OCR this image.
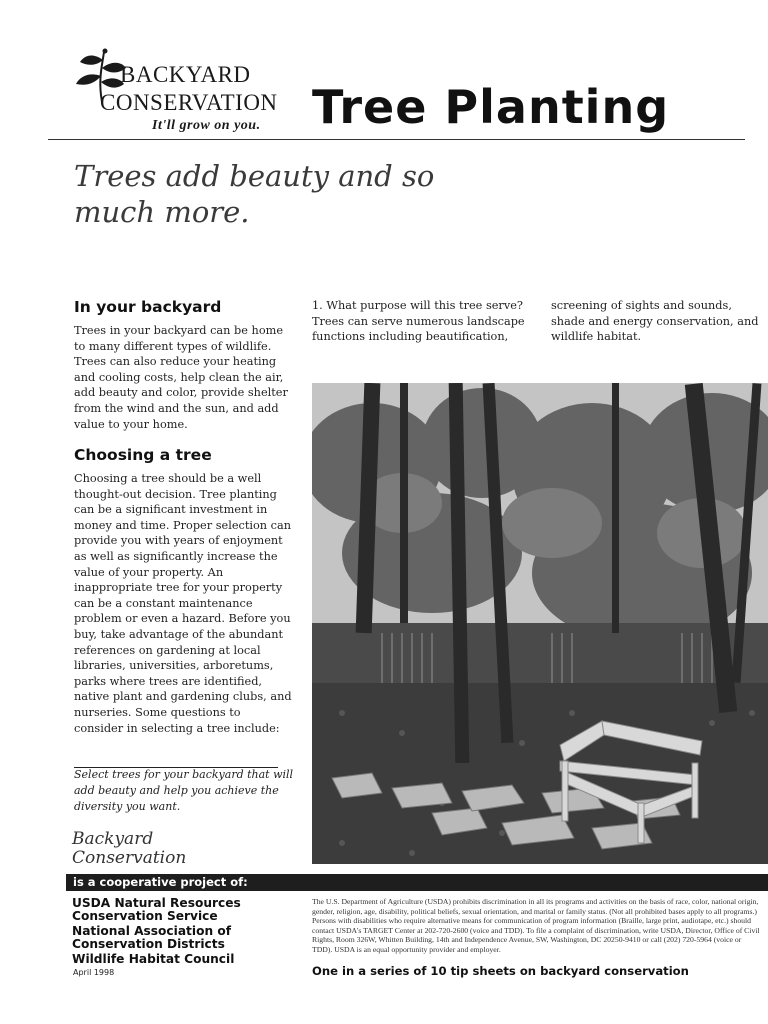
BACKYARD
CONSERVATION
It'll grow on you. Tree Planting
Trees add beauty and so much more.
In your backyard
Trees in your backyard can be home to many different types of wildlife. Trees can also reduce your heating and cooling costs, help clean the air, add beauty and color, provide shelter from the wind and the sun, and add value to your home.
Choosing a tree
Choosing a tree should be a well thought-out decision. Tree planting can be a significant investment in money and time. Proper selection can provide you with years of enjoyment as well as significantly increase the value of your property. An inappropriate tree for your property can be a constant maintenance problem or even a hazard. Before you buy, take advantage of the abundant references on gardening at local libraries, universities, arboretums, parks where trees are identified, native plant and gardening clubs, and nurseries. Some questions to consider in selecting a tree include:
Select trees for your backyard that will add beauty and help you achieve the diversity you want.
1. What purpose will this tree serve? Trees can serve numerous landscape functions including beautification,
screening of sights and sounds, shade and energy conservation, and wildlife habitat.
Backyard
Conservation
is a cooperative project of:
USDA Natural Resources Conservation Service
National Association of Conservation Districts
Wildlife Habitat Council
April 1998
The U.S. Department of Agriculture (USDA) prohibits discrimination in all its programs and activities on the basis of race, color, national origin, gender, religion, age, disability, political beliefs, sexual orientation, and marital or family status. (Not all prohibited bases apply to all programs.) Persons with disabilities who require alternative means for communication of program information (Braille, large print, audiotape, etc.) should contact USDA's TARGET Center at 202-720-2600 (voice and TDD). To file a complaint of discrimination, write USDA, Director, Office of Civil Rights, Room 326W, Whitten Building, 14th and Independence Avenue, SW, Washington, DC 20250-9410 or call (202) 720-5964 (voice or TDD). USDA is an equal opportunity provider and employer.
One in a series of 10 tip sheets on backyard conservation
